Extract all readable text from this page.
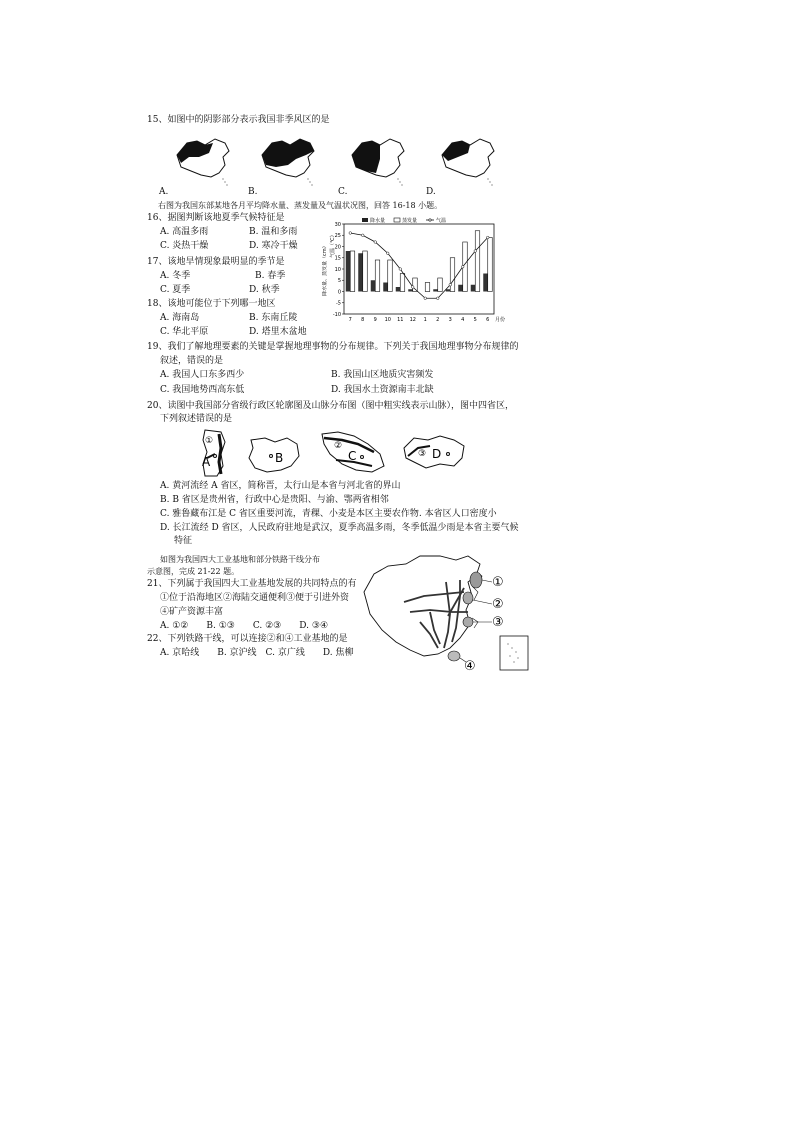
15、如图中的阴影部分表示我国非季风区的是
A.	B.	C.	D.
右图为我国东部某地各月平均降水量、蒸发量及气温状况图，回答 16-18 小题。
16、据图判断该地夏季气候特征是
A. 高温多雨	B. 温和多雨
C. 炎热干燥	D. 寒冷干燥
17、该地旱情现象最明显的季节是
A. 冬季	B. 春季
C. 夏季	D. 秋季
18、该地可能位于下列哪一地区
A. 海南岛	B. 东南丘陵
C. 华北平原	D. 塔里木盆地
降水量	蒸发量	气温
降水量、蒸发量（cm） 气温（℃）
-10
-5
0
5
10
15
20
25
30
7 8 9 10 11 12 1 2 3 4 5 6 月份
19、我们了解地理要素的关键是掌握地理事物的分布规律。下列关于我国地理事物分布规律的
叙述，错误的是
A. 我国人口东多西少	B. 我国山区地质灾害频发
C. 我国地势西高东低	D. 我国水土资源南丰北缺
20、读图中我国部分省级行政区轮廓图及山脉分布图（图中粗实线表示山脉），图中四省区，
下列叙述错误的是
①
A	B
②
C	③ D
A. 黄河流经 A 省区，简称晋，太行山是本省与河北省的界山
B. B 省区是贵州省，行政中心是贵阳、与渝、鄂两省相邻
C. 雅鲁藏布江是 C 省区重要河流，青稞、小麦是本区主要农作物. 本省区人口密度小
D. 长江流经 D 省区，人民政府驻地是武汉，夏季高温多雨，冬季低温少雨是本省主要气候
特征
如图为我国四大工业基地和部分铁路干线分布
示意图，完成 21-22 题。
21、下列属于我国四大工业基地发展的共同特点的有
①位于沿海地区②海陆交通便利③便于引进外资
④矿产资源丰富
A. ①②　　B. ①③　　C. ②③　　D. ③④
22、下列铁路干线，可以连接②和④工业基地的是
A. 京哈线　　B. 京沪线　C. 京广线　　D. 焦柳
①
②
③
④
